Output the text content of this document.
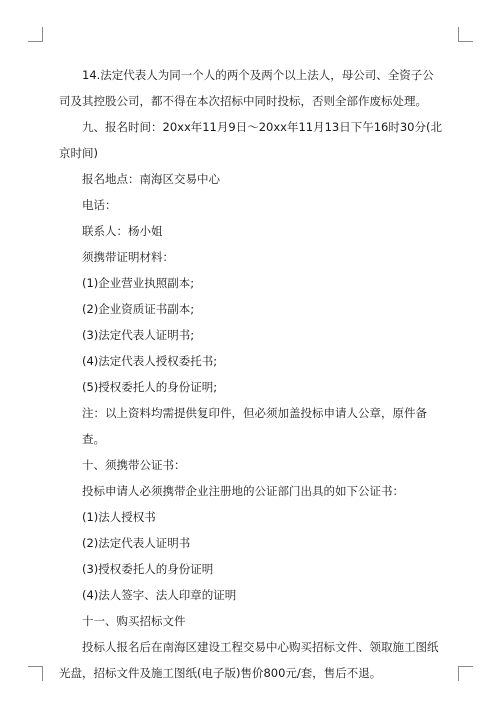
14.法定代表人为同一个人的两个及两个以上法人，母公司、全资子公司及其控股公司，都不得在本次招标中同时投标，否则全部作废标处理。

九、报名时间：20xx年11月9日～20xx年11月13日下午16时30分(北京时间)

报名地点：南海区交易中心

电话：

联系人：杨小姐

须携带证明材料：

(1)企业营业执照副本;

(2)企业资质证书副本;

(3)法定代表人证明书;

(4)法定代表人授权委托书;

(5)授权委托人的身份证明;

注：以上资料均需提供复印件，但必须加盖投标申请人公章，原件备查。

十、须携带公证书：

投标申请人必须携带企业注册地的公证部门出具的如下公证书：

(1)法人授权书

(2)法定代表人证明书

(3)授权委托人的身份证明

(4)法人签字、法人印章的证明

十一、购买招标文件

投标人报名后在南海区建设工程交易中心购买招标文件、领取施工图纸光盘，招标文件及施工图纸(电子版)售价800元/套，售后不退。
